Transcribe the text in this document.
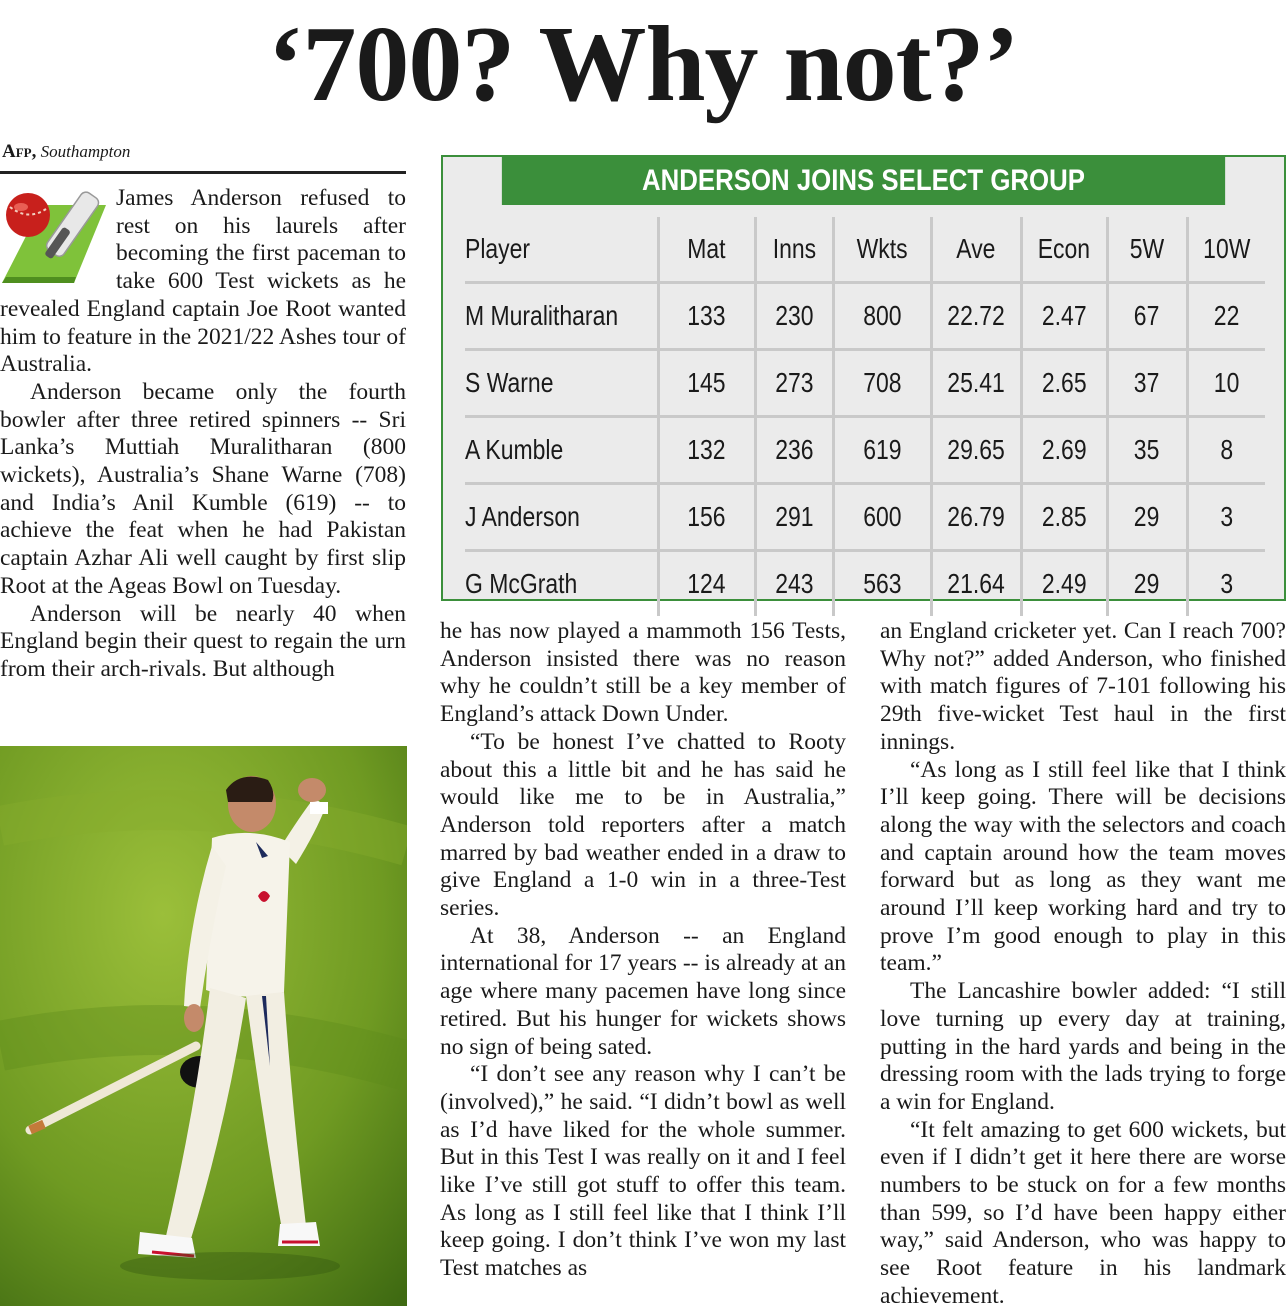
‘700? Why not?’
Afp, Southampton

James Anderson refused to rest on his laurels after becoming the first paceman to take 600 Test wickets as he revealed England captain Joe Root wanted him to feature in the 2021/22 Ashes tour of Australia.

Anderson became only the fourth bowler after three retired spinners -- Sri Lanka’s Muttiah Muralitharan (800 wickets), Australia’s Shane Warne (708) and India’s Anil Kumble (619) -- to achieve the feat when he had Pakistan captain Azhar Ali well caught by first slip Root at the Ageas Bowl on Tuesday.

Anderson will be nearly 40 when England begin their quest to regain the urn from their arch-rivals. But although

ANDERSON JOINS SELECT GROUP
Player	Mat	Inns	Wkts	Ave	Econ	5W	10W
M Muralitharan	133	230	800	22.72	2.47	67	22
S Warne	145	273	708	25.41	2.65	37	10
A Kumble	132	236	619	29.65	2.69	35	8
J Anderson	156	291	600	26.79	2.85	29	3
G McGrath	124	243	563	21.64	2.49	29	3

he has now played a mammoth 156 Tests, Anderson insisted there was no reason why he couldn’t still be a key member of England’s attack Down Under.

“To be honest I’ve chatted to Rooty about this a little bit and he has said he would like me to be in Australia,” Anderson told reporters after a match marred by bad weather ended in a draw to give England a 1-0 win in a three-Test series.

At 38, Anderson -- an England international for 17 years -- is already at an age where many pacemen have long since retired. But his hunger for wickets shows no sign of being sated.

“I don’t see any reason why I can’t be (involved),” he said. “I didn’t bowl as well as I’d have liked for the whole summer. But in this Test I was really on it and I feel like I’ve still got stuff to offer this team. As long as I still feel like that I think I’ll keep going. I don’t think I’ve won my last Test matches as

an England cricketer yet. Can I reach 700? Why not?” added Anderson, who finished with match figures of 7-101 following his 29th five-wicket Test haul in the first innings.

“As long as I still feel like that I think I’ll keep going. There will be decisions along the way with the selectors and coach and captain around how the team moves forward but as long as they want me around I’ll keep working hard and try to prove I’m good enough to play in this team.”

The Lancashire bowler added: “I still love turning up every day at training, putting in the hard yards and being in the dressing room with the lads trying to forge a win for England.

“It felt amazing to get 600 wickets, but even if I didn’t get it here there are worse numbers to be stuck on for a few months than 599, so I’d have been happy either way,” said Anderson, who was happy to see Root feature in his landmark achievement.
